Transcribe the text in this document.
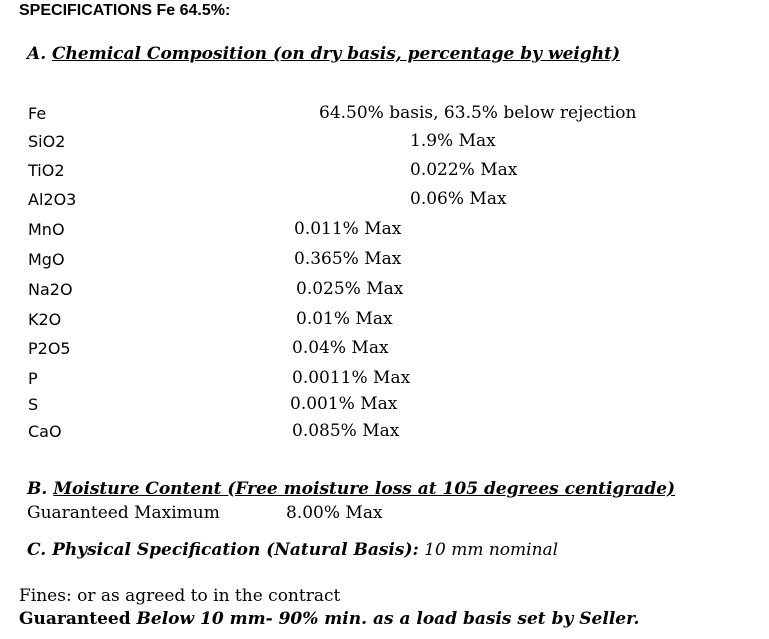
SPECIFICATIONS Fe 64.5%:
A. Chemical Composition (on dry basis, percentage by weight)
Fe	64.50% basis, 63.5% below rejection
SiO2	1.9% Max
TiO2	0.022% Max
Al2O3	0.06% Max
MnO	0.011% Max
MgO	0.365% Max
Na2O	0.025% Max
K2O	0.01% Max
P2O5	0.04% Max
P	0.0011% Max
S	0.001% Max
CaO	0.085% Max
B. Moisture Content (Free moisture loss at 105 degrees centigrade)
Guaranteed Maximum	8.00% Max
C. Physical Specification (Natural Basis): 10 mm nominal
Fines: or as agreed to in the contract
Guaranteed Below 10 mm- 90% min. as a load basis set by Seller.
